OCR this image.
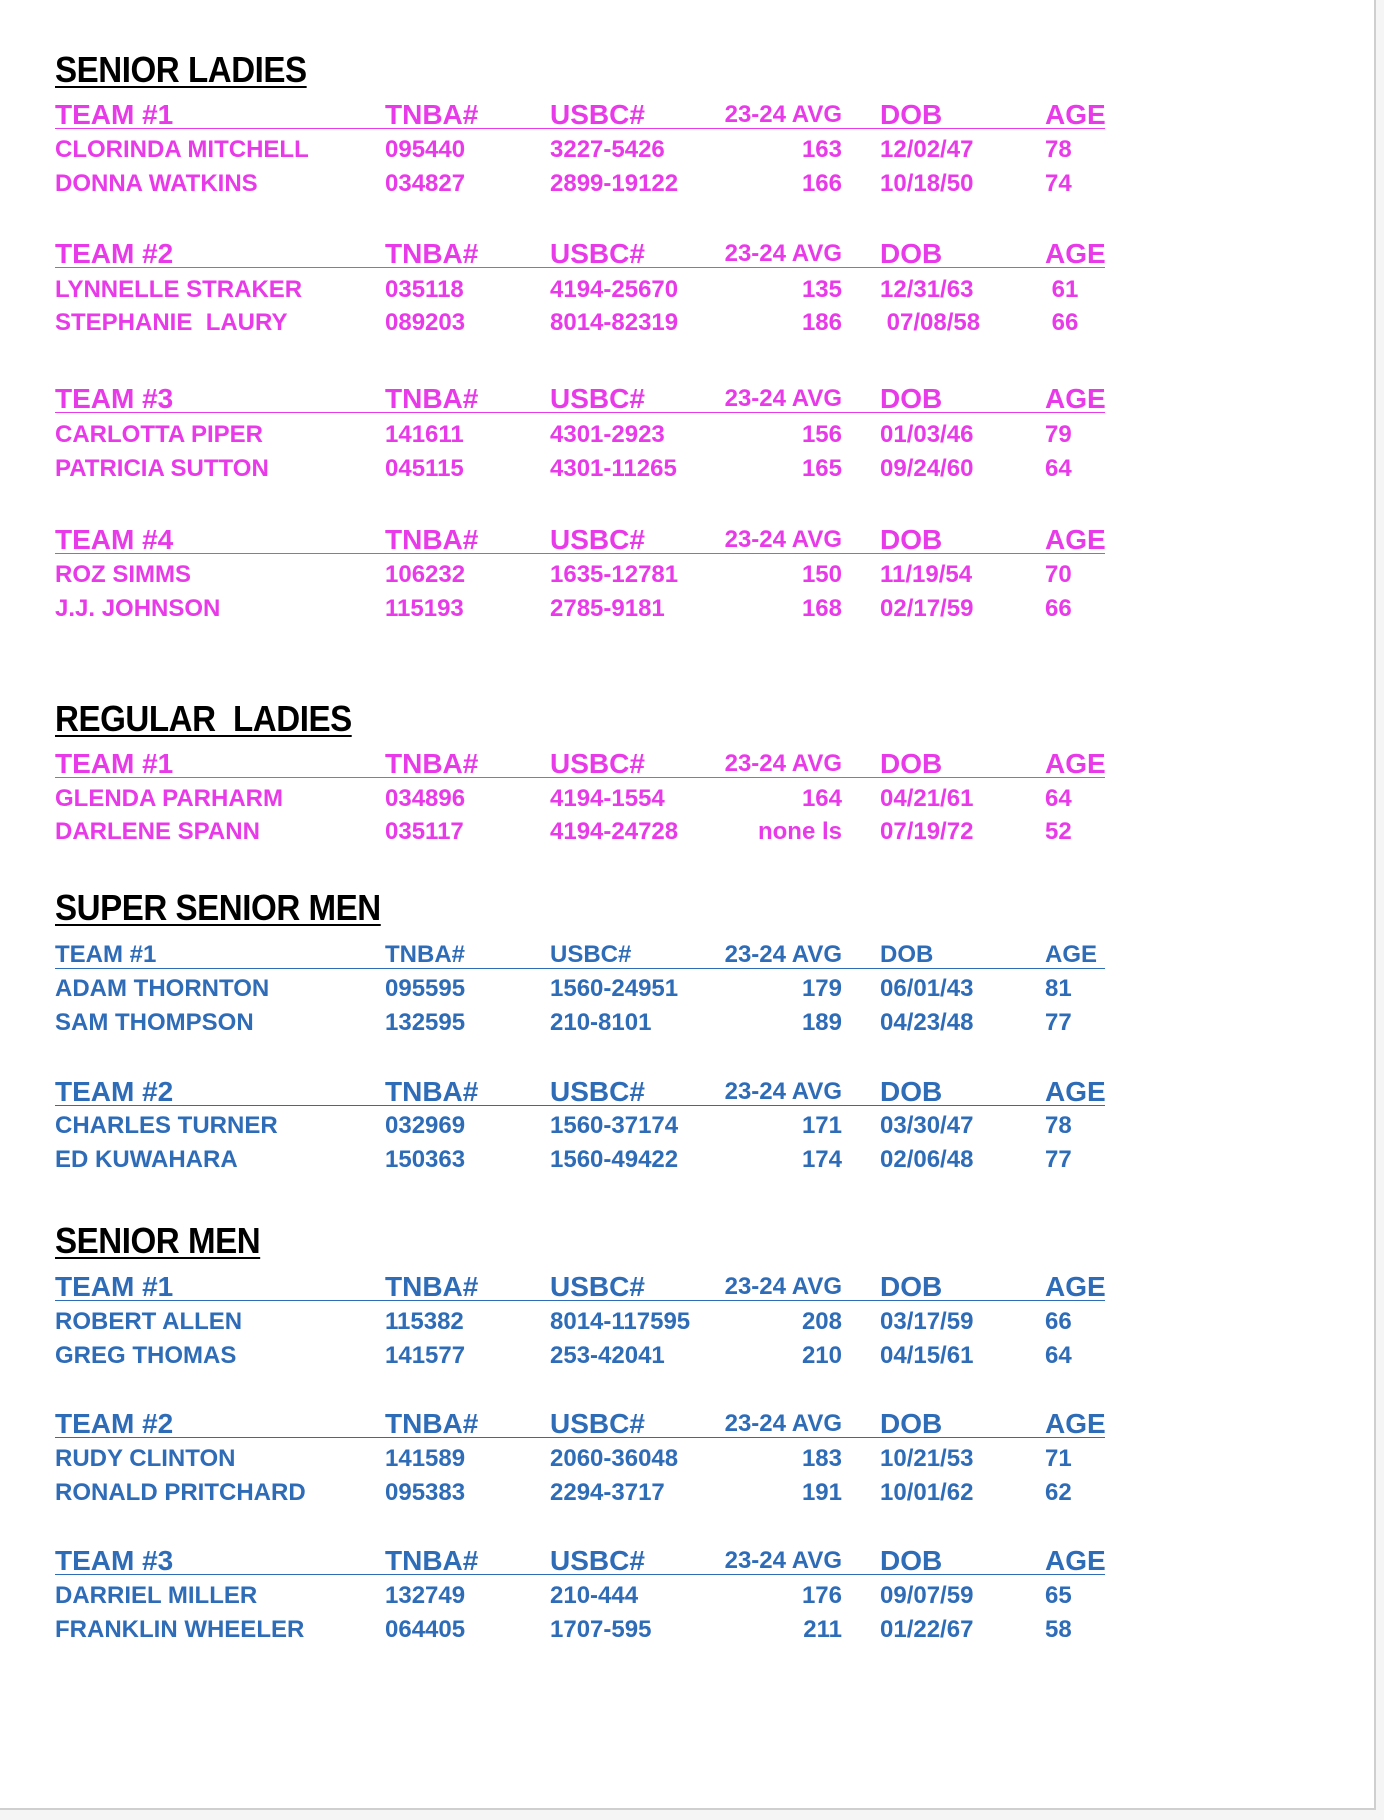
SENIOR LADIES
TEAM #1	TNBA#	USBC#	23-24 AVG DOB	AGE
CLORINDA MITCHELL	095440	3227-5426	163 12/02/47	78
DONNA WATKINS	034827	2899-19122	166 10/18/50	74
TEAM #2	TNBA#	USBC#	23-24 AVG DOB	AGE
LYNNELLE STRAKER	035118	4194-25670	135 12/31/63	61
STEPHANIE  LAURY	089203	8014-82319	186 07/08/58	66
TEAM #3	TNBA#	USBC#	23-24 AVG DOB	AGE
CARLOTTA PIPER	141611	4301-2923	156 01/03/46	79
PATRICIA SUTTON	045115	4301-11265	165 09/24/60	64
TEAM #4	TNBA#	USBC#	23-24 AVG DOB	AGE
ROZ SIMMS	106232	1635-12781	150 11/19/54	70
J.J. JOHNSON	115193	2785-9181	168 02/17/59	66
REGULAR  LADIES
TEAM #1	TNBA#	USBC#	23-24 AVG DOB	AGE
GLENDA PARHARM	034896	4194-1554	164 04/21/61	64
DARLENE SPANN	035117	4194-24728	none ls 07/19/72	52
SUPER SENIOR MEN
TEAM #1	TNBA#	USBC#	23-24 AVG DOB	AGE
ADAM THORNTON	095595	1560-24951	179 06/01/43	81
SAM THOMPSON	132595	210-8101	189 04/23/48	77
TEAM #2	TNBA#	USBC#	23-24 AVG DOB	AGE
CHARLES TURNER	032969	1560-37174	171 03/30/47	78
ED KUWAHARA	150363	1560-49422	174 02/06/48	77
SENIOR MEN
TEAM #1	TNBA#	USBC#	23-24 AVG DOB	AGE
ROBERT ALLEN	115382	8014-117595	208 03/17/59	66
GREG THOMAS	141577	253-42041	210 04/15/61	64
TEAM #2	TNBA#	USBC#	23-24 AVG DOB	AGE
RUDY CLINTON	141589	2060-36048	183 10/21/53	71
RONALD PRITCHARD	095383	2294-3717	191 10/01/62	62
TEAM #3	TNBA#	USBC#	23-24 AVG DOB	AGE
DARRIEL MILLER	132749	210-444	176 09/07/59	65
FRANKLIN WHEELER	064405	1707-595	211 01/22/67	58
